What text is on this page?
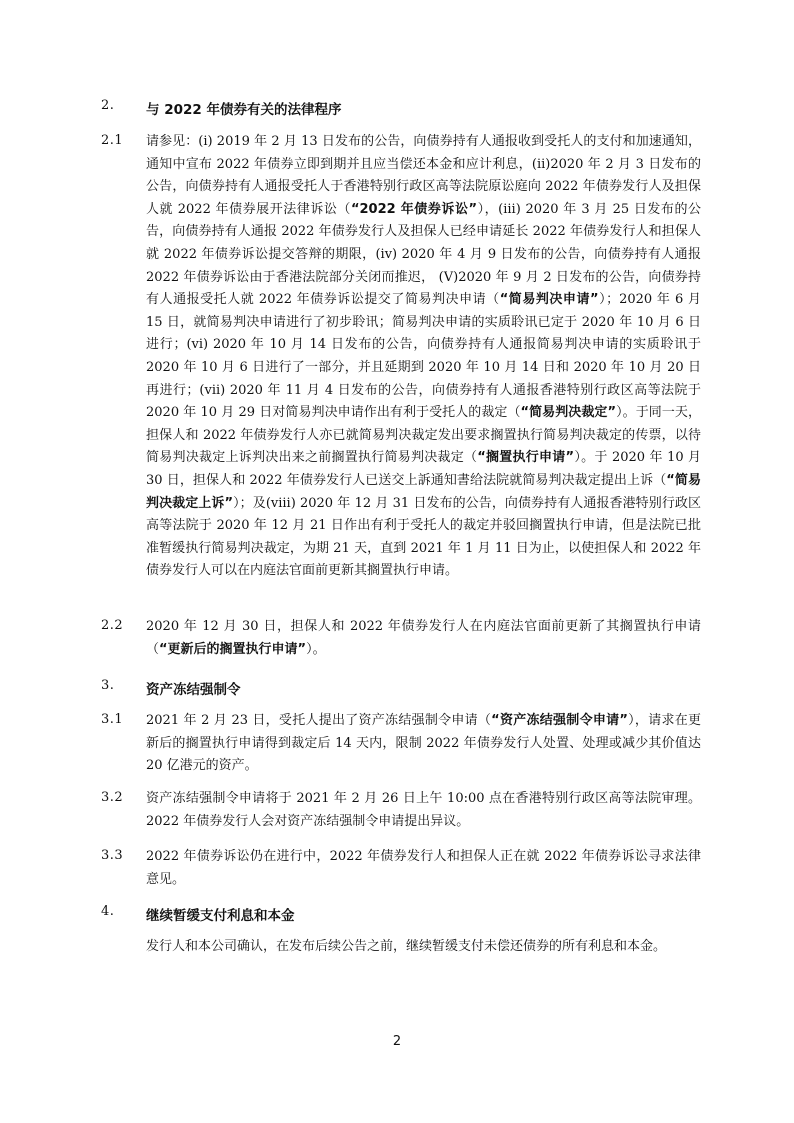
2. 与 2022 年债券有关的法律程序
2.1 请参见：(i) 2019 年 2 月 13 日发布的公告，向债券持有人通报收到受托人的支付和加速通知，通知中宣布 2022 年债券立即到期并且应当偿还本金和应计利息，(ii)2020 年 2 月 3 日发布的公告，向债券持有人通报受托人于香港特别行政区高等法院原讼庭向 2022 年债券发行人及担保人就 2022 年债券展开法律诉讼（“2022 年债券诉讼”），(iii) 2020 年 3 月 25 日发布的公告，向债券持有人通报 2022 年债券发行人及担保人已经申请延长 2022 年债券发行人和担保人就 2022 年债券诉讼提交答辩的期限，(iv) 2020 年 4 月 9 日发布的公告，向债券持有人通报 2022 年债券诉讼由于香港法院部分关闭而推迟， (V)2020 年 9 月 2 日发布的公告，向债券持有人通报受托人就 2022 年债券诉讼提交了简易判决申请（“简易判决申请”）；2020 年 6 月 15 日，就简易判决申请进行了初步聆讯；简易判决申请的实质聆讯已定于 2020 年 10 月 6 日进行；(vi) 2020 年 10 月 14 日发布的公告，向债券持有人通报简易判决申请的实质聆讯于 2020 年 10 月 6 日进行了一部分，并且延期到 2020 年 10 月 14 日和 2020 年 10 月 20 日再进行；(vii) 2020 年 11 月 4 日发布的公告，向债券持有人通报香港特别行政区高等法院于 2020 年 10 月 29 日对简易判决申请作出有利于受托人的裁定（“简易判决裁定”）。于同一天，担保人和 2022 年债券发行人亦已就简易判决裁定发出要求搁置执行简易判决裁定的传票，以待简易判决裁定上诉判决出来之前搁置执行简易判决裁定（“搁置执行申请”）。于 2020 年 10 月 30 日，担保人和 2022 年债券发行人已送交上訴通知書给法院就简易判决裁定提出上诉（“简易判决裁定上诉”）；及(viii) 2020 年 12 月 31 日发布的公告，向债券持有人通报香港特别行政区高等法院于 2020 年 12 月 21 日作出有利于受托人的裁定并驳回搁置执行申请，但是法院已批准暂缓执行简易判决裁定，为期 21 天，直到 2021 年 1 月 11 日为止，以使担保人和 2022 年债券发行人可以在内庭法官面前更新其搁置执行申请。
2.2 2020 年 12 月 30 日，担保人和 2022 年债券发行人在内庭法官面前更新了其搁置执行申请（“更新后的搁置执行申请”）。
3. 资产冻结强制令
3.1 2021 年 2 月 23 日，受托人提出了资产冻结强制令申请（“资产冻结强制令申请”），请求在更新后的搁置执行申请得到裁定后 14 天内，限制 2022 年债券发行人处置、处理或减少其价值达 20 亿港元的资产。
3.2 资产冻结强制令申请将于 2021 年 2 月 26 日上午 10:00 点在香港特别行政区高等法院审理。2022 年债券发行人会对资产冻结强制令申请提出异议。
3.3 2022 年债券诉讼仍在进行中，2022 年债券发行人和担保人正在就 2022 年债券诉讼寻求法律意见。
4. 继续暂缓支付利息和本金
发行人和本公司确认，在发布后续公告之前，继续暂缓支付未偿还债券的所有利息和本金。
2
